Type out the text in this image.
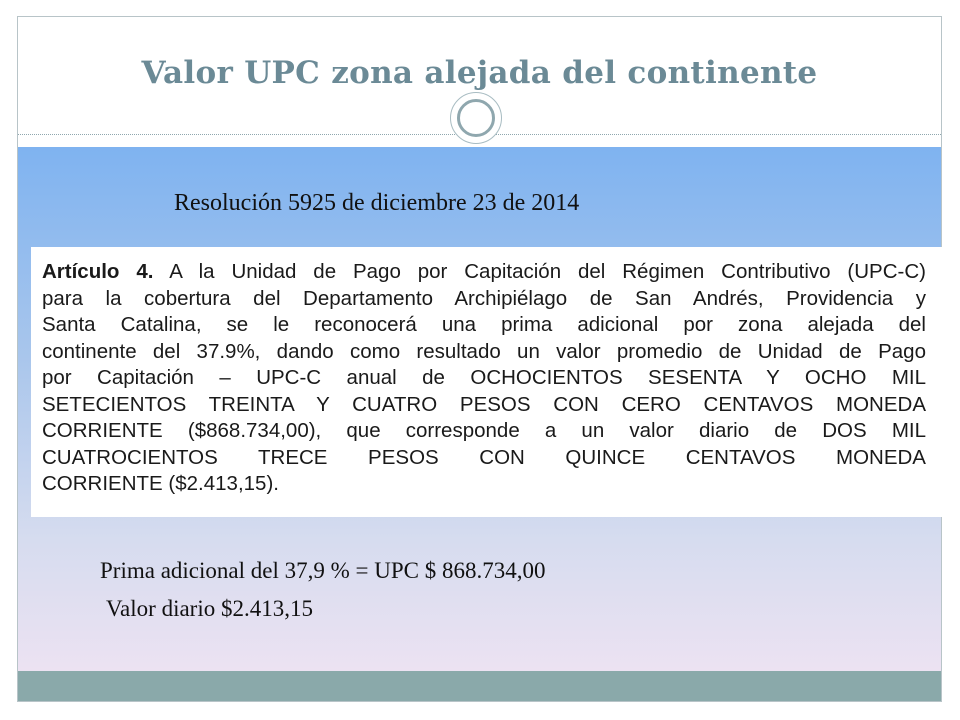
Valor UPC zona alejada del continente
Resolución 5925 de diciembre 23 de 2014
Artículo 4. A la Unidad de Pago por Capitación del Régimen Contributivo (UPC-C)
para la cobertura del Departamento Archipiélago de San Andrés, Providencia y
Santa Catalina, se le reconocerá una prima adicional por zona alejada del
continente del 37.9%, dando como resultado un valor promedio de Unidad de Pago
por Capitación – UPC-C anual de OCHOCIENTOS SESENTA Y OCHO MIL
SETECIENTOS TREINTA Y CUATRO PESOS CON CERO CENTAVOS MONEDA
CORRIENTE ($868.734,00), que corresponde a un valor diario de DOS MIL
CUATROCIENTOS TRECE PESOS CON QUINCE CENTAVOS MONEDA
CORRIENTE ($2.413,15).
Prima adicional del 37,9 % = UPC $ 868.734,00
Valor diario $2.413,15
